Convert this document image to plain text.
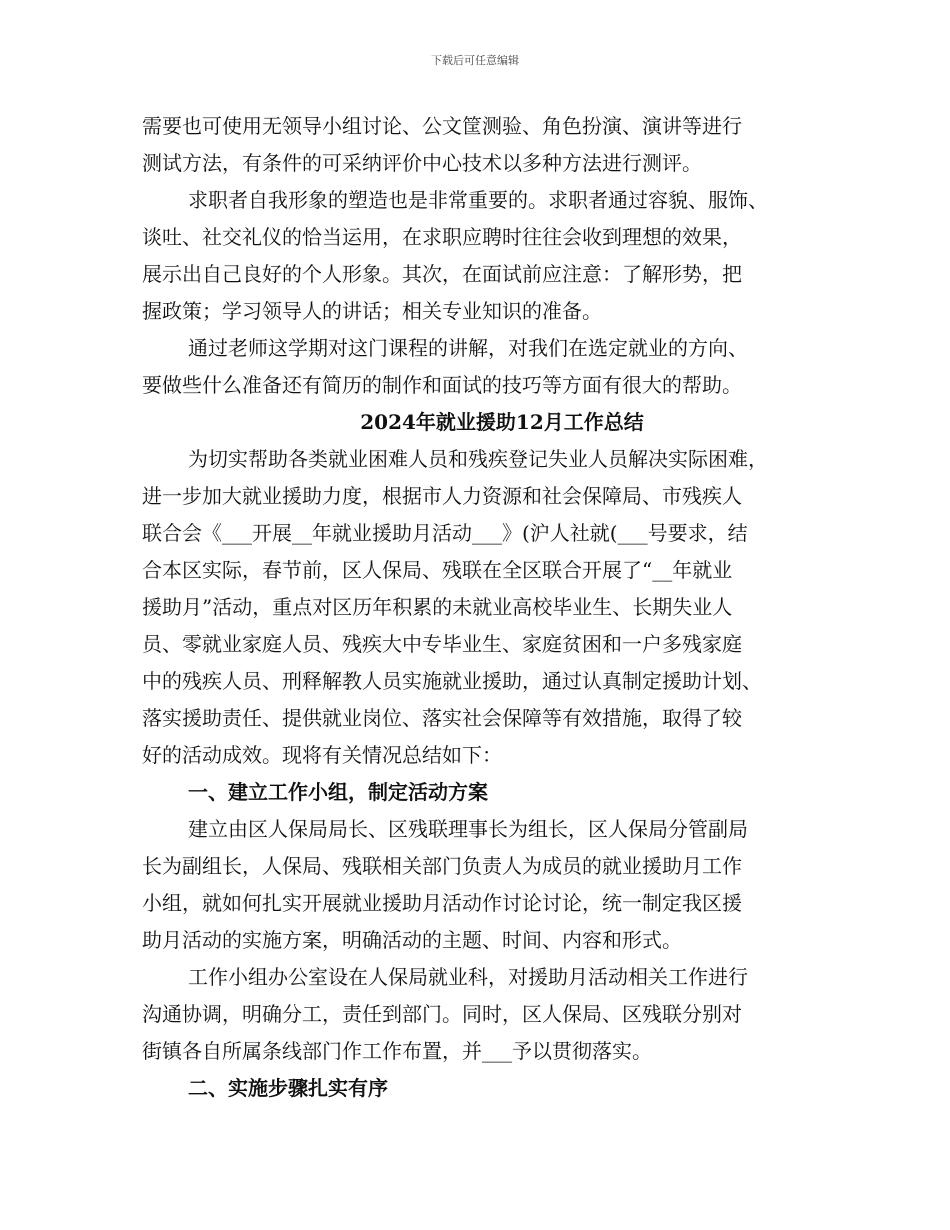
下载后可任意编辑
需要也可使用无领导小组讨论、公文筐测验、角色扮演、演讲等进行
测试方法，有条件的可采纳评价中心技术以多种方法进行测评。
求职者自我形象的塑造也是非常重要的。求职者通过容貌、服饰、
谈吐、社交礼仪的恰当运用，在求职应聘时往往会收到理想的效果，
展示出自己良好的个人形象。其次，在面试前应注意：了解形势，把
握政策；学习领导人的讲话；相关专业知识的准备。
通过老师这学期对这门课程的讲解，对我们在选定就业的方向、
要做些什么准备还有简历的制作和面试的技巧等方面有很大的帮助。
2024年就业援助12月工作总结
为切实帮助各类就业困难人员和残疾登记失业人员解决实际困难，
进一步加大就业援助力度，根据市人力资源和社会保障局、市残疾人
联合会《___开展__年就业援助月活动___》(沪人社就(___号要求，结
合本区实际，春节前，区人保局、残联在全区联合开展了“__年就业
援助月”活动，重点对区历年积累的未就业高校毕业生、长期失业人
员、零就业家庭人员、残疾大中专毕业生、家庭贫困和一户多残家庭
中的残疾人员、刑释解教人员实施就业援助，通过认真制定援助计划、
落实援助责任、提供就业岗位、落实社会保障等有效措施，取得了较
好的活动成效。现将有关情况总结如下：
一、建立工作小组，制定活动方案
建立由区人保局局长、区残联理事长为组长，区人保局分管副局
长为副组长，人保局、残联相关部门负责人为成员的就业援助月工作
小组，就如何扎实开展就业援助月活动作讨论讨论，统一制定我区援
助月活动的实施方案，明确活动的主题、时间、内容和形式。
工作小组办公室设在人保局就业科，对援助月活动相关工作进行
沟通协调，明确分工，责任到部门。同时，区人保局、区残联分别对
街镇各自所属条线部门作工作布置，并___予以贯彻落实。
二、实施步骤扎实有序
